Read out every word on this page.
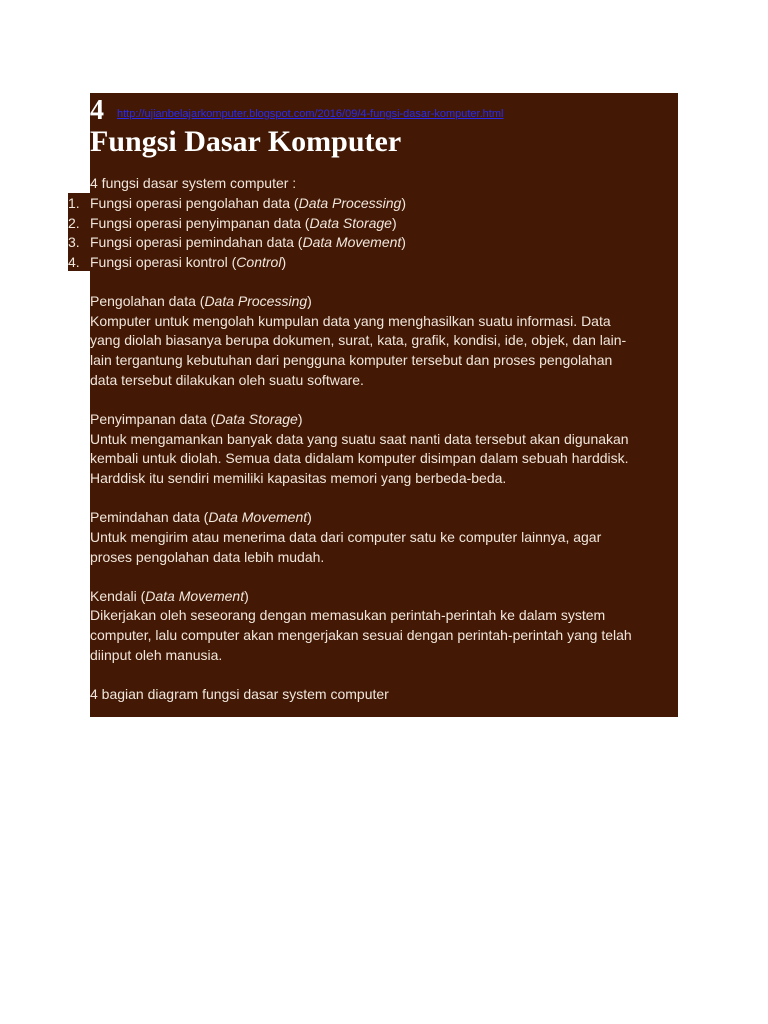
4 http://ujianbelajarkomputer.blogspot.com/2016/09/4-fungsi-dasar-komputer.html
Fungsi Dasar Komputer
4 fungsi dasar system computer :
1. Fungsi operasi pengolahan data (Data Processing)
2. Fungsi operasi penyimpanan data (Data Storage)
3. Fungsi operasi pemindahan data (Data Movement)
4. Fungsi operasi kontrol (Control)
Pengolahan data (Data Processing)
Komputer untuk mengolah kumpulan data yang menghasilkan suatu informasi. Data
yang diolah biasanya berupa dokumen, surat, kata, grafik, kondisi, ide, objek, dan lain-
lain tergantung kebutuhan dari pengguna komputer tersebut dan proses pengolahan
data tersebut dilakukan oleh suatu software.
Penyimpanan data (Data Storage)
Untuk mengamankan banyak data yang suatu saat nanti data tersebut akan digunakan
kembali untuk diolah. Semua data didalam komputer disimpan dalam sebuah harddisk.
Harddisk itu sendiri memiliki kapasitas memori yang berbeda-beda.
Pemindahan data (Data Movement)
Untuk mengirim atau menerima data dari computer satu ke computer lainnya, agar
proses pengolahan data lebih mudah.
Kendali (Data Movement)
Dikerjakan oleh seseorang dengan memasukan perintah-perintah ke dalam system
computer, lalu computer akan mengerjakan sesuai dengan perintah-perintah yang telah
diinput oleh manusia.
4 bagian diagram fungsi dasar system computer
